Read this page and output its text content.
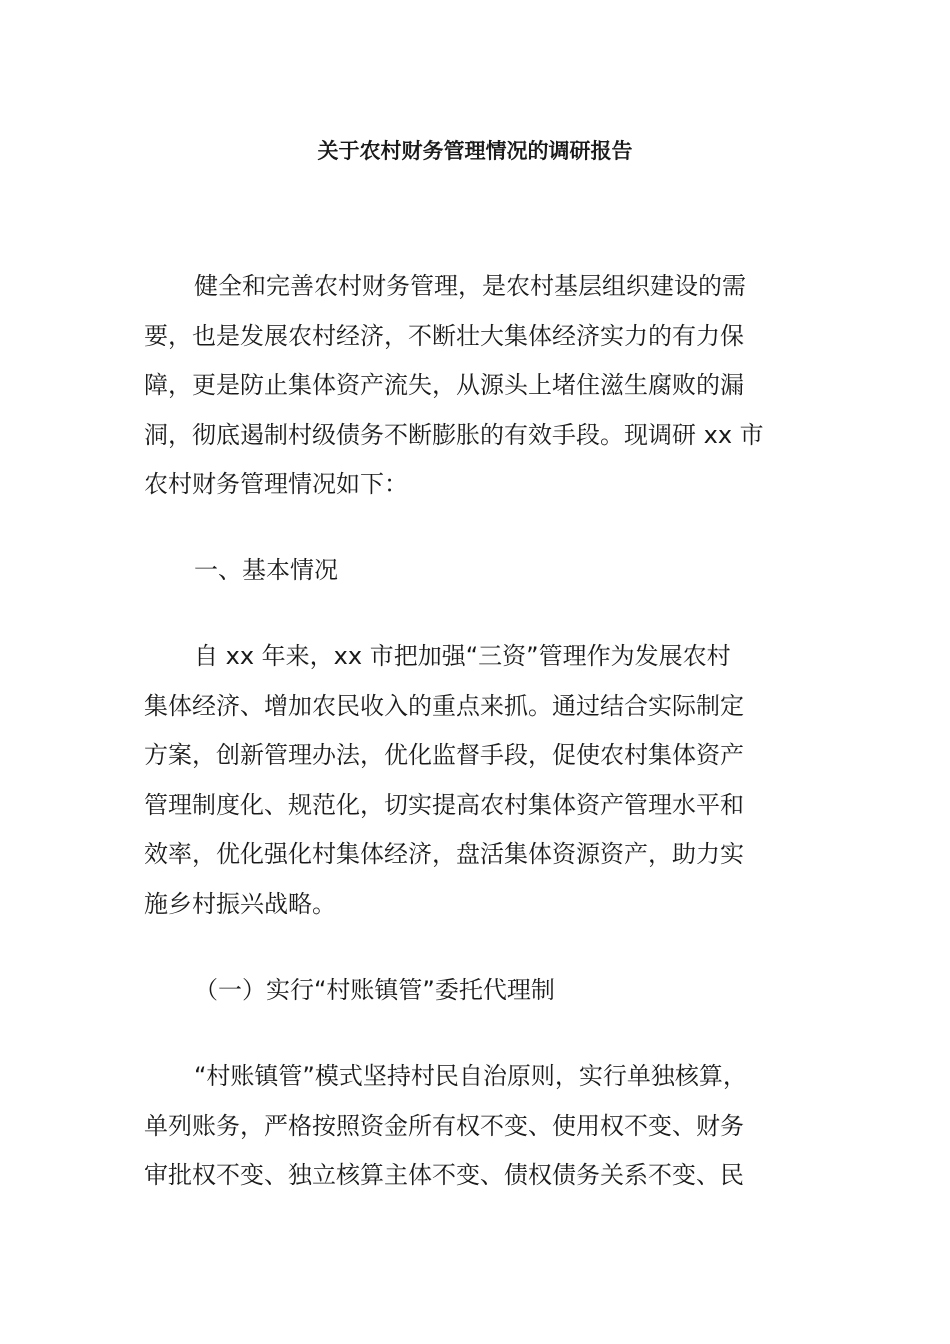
关于农村财务管理情况的调研报告
健全和完善农村财务管理，是农村基层组织建设的需
要，也是发展农村经济，不断壮大集体经济实力的有力保
障，更是防止集体资产流失，从源头上堵住滋生腐败的漏
洞，彻底遏制村级债务不断膨胀的有效手段。现调研 xx 市
农村财务管理情况如下：
一、基本情况
自 xx 年来，xx 市把加强“三资”管理作为发展农村
集体经济、增加农民收入的重点来抓。通过结合实际制定
方案，创新管理办法，优化监督手段，促使农村集体资产
管理制度化、规范化，切实提高农村集体资产管理水平和
效率，优化强化村集体经济，盘活集体资源资产，助力实
施乡村振兴战略。
（一）实行“村账镇管”委托代理制
“村账镇管”模式坚持村民自治原则，实行单独核算，
单列账务，严格按照资金所有权不变、使用权不变、财务
审批权不变、独立核算主体不变、债权债务关系不变、民
